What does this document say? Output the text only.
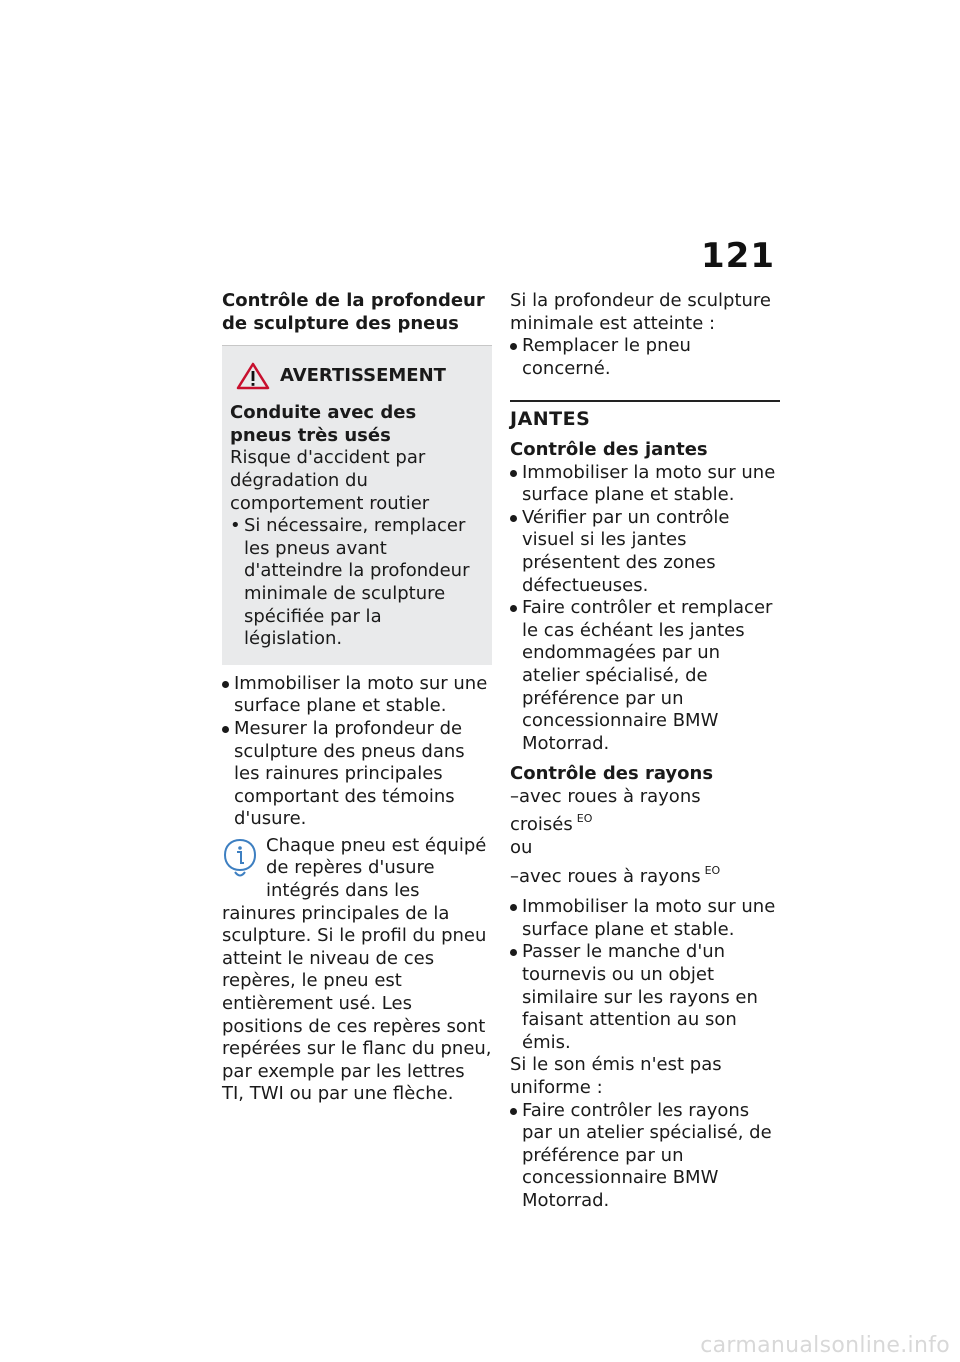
121

Contrôle de la profondeur de sculpture des pneus

AVERTISSEMENT

Conduite avec des pneus très usés

Risque d'accident par dégradation du comportement routier

• Si nécessaire, remplacer les pneus avant d'atteindre la profondeur minimale de sculpture spécifiée par la législation.
Immobiliser la moto sur une surface plane et stable.
Mesurer la profondeur de sculpture des pneus dans les rainures principales comportant des témoins d'usure.
Chaque pneu est équipé de repères d'usure intégrés dans les rainures principales de la sculpture. Si le profil du pneu atteint le niveau de ces repères, le pneu est entièrement usé. Les positions de ces repères sont repérées sur le flanc du pneu, par exemple par les lettres TI, TWI ou par une flèche.

Si la profondeur de sculpture minimale est atteinte :

Remplacer le pneu concerné.
JANTES

Contrôle des jantes

Immobiliser la moto sur une surface plane et stable.
Vérifier par un contrôle visuel si les jantes présentent des zones défectueuses.
Faire contrôler et remplacer le cas échéant les jantes endommagées par un atelier spécialisé, de préférence par un concessionnaire BMW Motorrad.

Contrôle des rayons

–avec roues à rayons croisés $^{EO}$

ou

–avec roues à rayons $^{EO}$

Immobiliser la moto sur une surface plane et stable.
Passer le manche d'un tournevis ou un objet similaire sur les rayons en faisant attention au son émis.

Si le son émis n'est pas uniforme :

Faire contrôler les rayons par un atelier spécialisé, de préférence par un concessionnaire BMW Motorrad.
carmanualsonline.info
